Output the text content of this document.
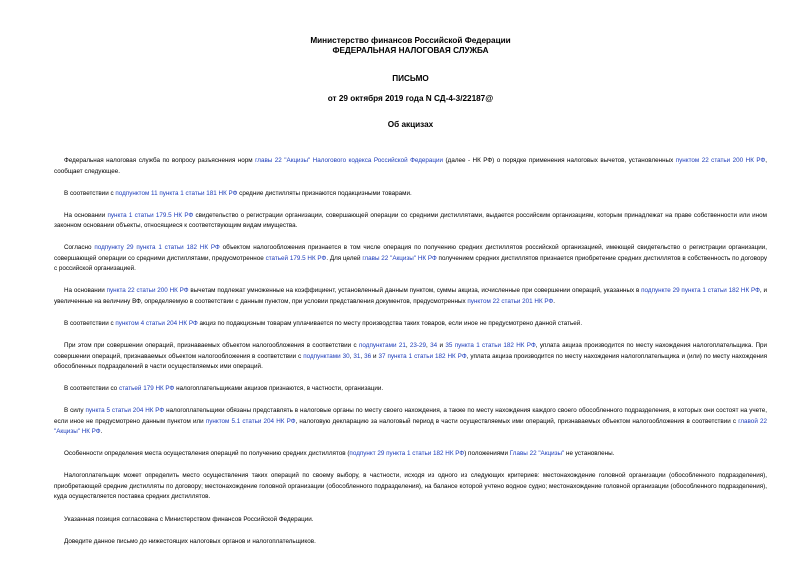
Министерство финансов Российской Федерации
ФЕДЕРАЛЬНАЯ НАЛОГОВАЯ СЛУЖБА
ПИСЬМО
от 29 октября 2019 года N СД-4-3/22187@
Об акцизах

Федеральная налоговая служба по вопросу разъяснения норм главы 22 "Акцизы" Налогового кодекса Российской Федерации (далее - НК РФ) о порядке применения налоговых вычетов, установленных пунктом 22 статьи 200 НК РФ, сообщает следующее.

В соответствии с подпунктом 11 пункта 1 статьи 181 НК РФ средние дистилляты признаются подакцизными товарами.

На основании пункта 1 статьи 179.5 НК РФ свидетельство о регистрации организации, совершающей операции со средними дистиллятами, выдается российским организациям, которым принадлежат на праве собственности или ином законном основании объекты, относящиеся к соответствующим видам имущества.

Согласно подпункту 29 пункта 1 статьи 182 НК РФ объектом налогообложения признается в том числе операция по получению средних дистиллятов российской организацией, имеющей свидетельство о регистрации организации, совершающей операции со средними дистиллятами, предусмотренное статьей 179.5 НК РФ. Для целей главы 22 "Акцизы" НК РФ получением средних дистиллятов признается приобретение средних дистиллятов в собственность по договору с российской организацией.

На основании пункта 22 статьи 200 НК РФ вычетам подлежат умноженные на коэффициент, установленный данным пунктом, суммы акциза, исчисленные при совершении операций, указанных в подпункте 29 пункта 1 статьи 182 НК РФ, и увеличенные на величину ВФ, определяемую в соответствии с данным пунктом, при условии представления документов, предусмотренных пунктом 22 статьи 201 НК РФ.

В соответствии с пунктом 4 статьи 204 НК РФ акциз по подакцизным товарам уплачивается по месту производства таких товаров, если иное не предусмотрено данной статьей.

При этом при совершении операций, признаваемых объектом налогообложения в соответствии с подпунктами 21, 23-29, 34 и 35 пункта 1 статьи 182 НК РФ, уплата акциза производится по месту нахождения налогоплательщика. При совершении операций, признаваемых объектом налогообложения в соответствии с подпунктами 30, 31, 36 и 37 пункта 1 статьи 182 НК РФ, уплата акциза производится по месту нахождения налогоплательщика и (или) по месту нахождения обособленных подразделений в части осуществляемых ими операций.

В соответствии со статьей 179 НК РФ налогоплательщиками акцизов признаются, в частности, организации.

В силу пункта 5 статьи 204 НК РФ налогоплательщики обязаны представлять в налоговые органы по месту своего нахождения, а также по месту нахождения каждого своего обособленного подразделения, в которых они состоят на учете, если иное не предусмотрено данным пунктом или пунктом 5.1 статьи 204 НК РФ, налоговую декларацию за налоговый период в части осуществляемых ими операций, признаваемых объектом налогообложения в соответствии с главой 22 "Акцизы" НК РФ.

Особенности определения места осуществления операций по получению средних дистиллятов (подпункт 29 пункта 1 статьи 182 НК РФ) положениями Главы 22 "Акцизы" не установлены.

Налогоплательщик может определить место осуществления таких операций по своему выбору, в частности, исходя из одного из следующих критериев: местонахождение головной организации (обособленного подразделения), приобретающей средние дистилляты по договору; местонахождение головной организации (обособленного подразделения), на балансе которой учтено водное судно; местонахождение головной организации (обособленного подразделения), куда осуществляется поставка средних дистиллятов.

Указанная позиция согласована с Министерством финансов Российской Федерации.

Доведите данное письмо до нижестоящих налоговых органов и налогоплательщиков.
